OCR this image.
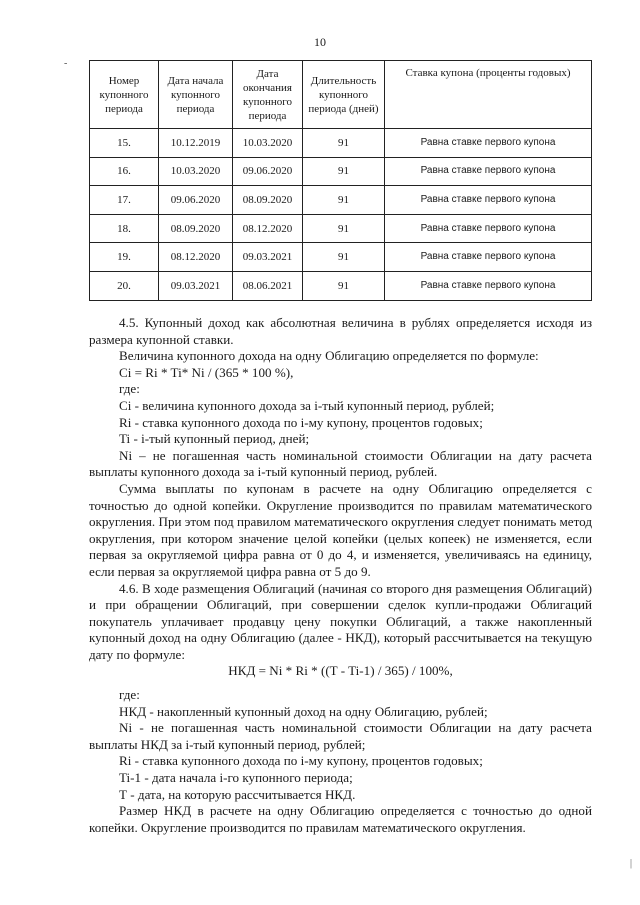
10
Номер купонного периода	Дата начала купонного периода	Дата окончания купонного периода	Длительность купонного периода (дней)	Ставка купона (проценты годовых)
15.	10.12.2019	10.03.2020	91	Равна ставке первого купона
16.	10.03.2020	09.06.2020	91	Равна ставке первого купона
17.	09.06.2020	08.09.2020	91	Равна ставке первого купона
18.	08.09.2020	08.12.2020	91	Равна ставке первого купона
19.	08.12.2020	09.03.2021	91	Равна ставке первого купона
20.	09.03.2021	08.06.2021	91	Равна ставке первого купона

4.5. Купонный доход как абсолютная величина в рублях определяется исходя из размера купонной ставки.

Величина купонного дохода на одну Облигацию определяется по формуле:

Ci = Ri * Ti* Ni / (365 * 100 %),

где:

Ci - величина купонного дохода за i-тый купонный период, рублей;

Ri - ставка купонного дохода по i-му купону, процентов годовых;

Ti - i-тый купонный период, дней;

Ni – не погашенная часть номинальной стоимости Облигации на дату расчета выплаты купонного дохода за i-тый купонный период, рублей.

Сумма выплаты по купонам в расчете на одну Облигацию определяется с точностью до одной копейки. Округление производится по правилам математического округления. При этом под правилом математического округления следует понимать метод округления, при котором значение целой копейки (целых копеек) не изменяется, если первая за округляемой цифра равна от 0 до 4, и изменяется, увеличиваясь на единицу, если первая за округляемой цифра равна от 5 до 9.

4.6. В ходе размещения Облигаций (начиная со второго дня размещения Облигаций) и при обращении Облигаций, при совершении сделок купли-продажи Облигаций покупатель уплачивает продавцу цену покупки Облигаций, а также накопленный купонный доход на одну Облигацию (далее - НКД), который рассчитывается на текущую дату по формуле:

НКД = Ni * Ri * ((T - Ti-1) / 365) / 100%,

где:

НКД - накопленный купонный доход на одну Облигацию, рублей;

Ni - не погашенная часть номинальной стоимости Облигации на дату расчета выплаты НКД за i-тый купонный период, рублей;

Ri - ставка купонного дохода по i-му купону, процентов годовых;

Ti-1 - дата начала i-го купонного периода;

Т - дата, на которую рассчитывается НКД.

Размер НКД в расчете на одну Облигацию определяется с точностью до одной копейки. Округление производится по правилам математического округления.

-
|
